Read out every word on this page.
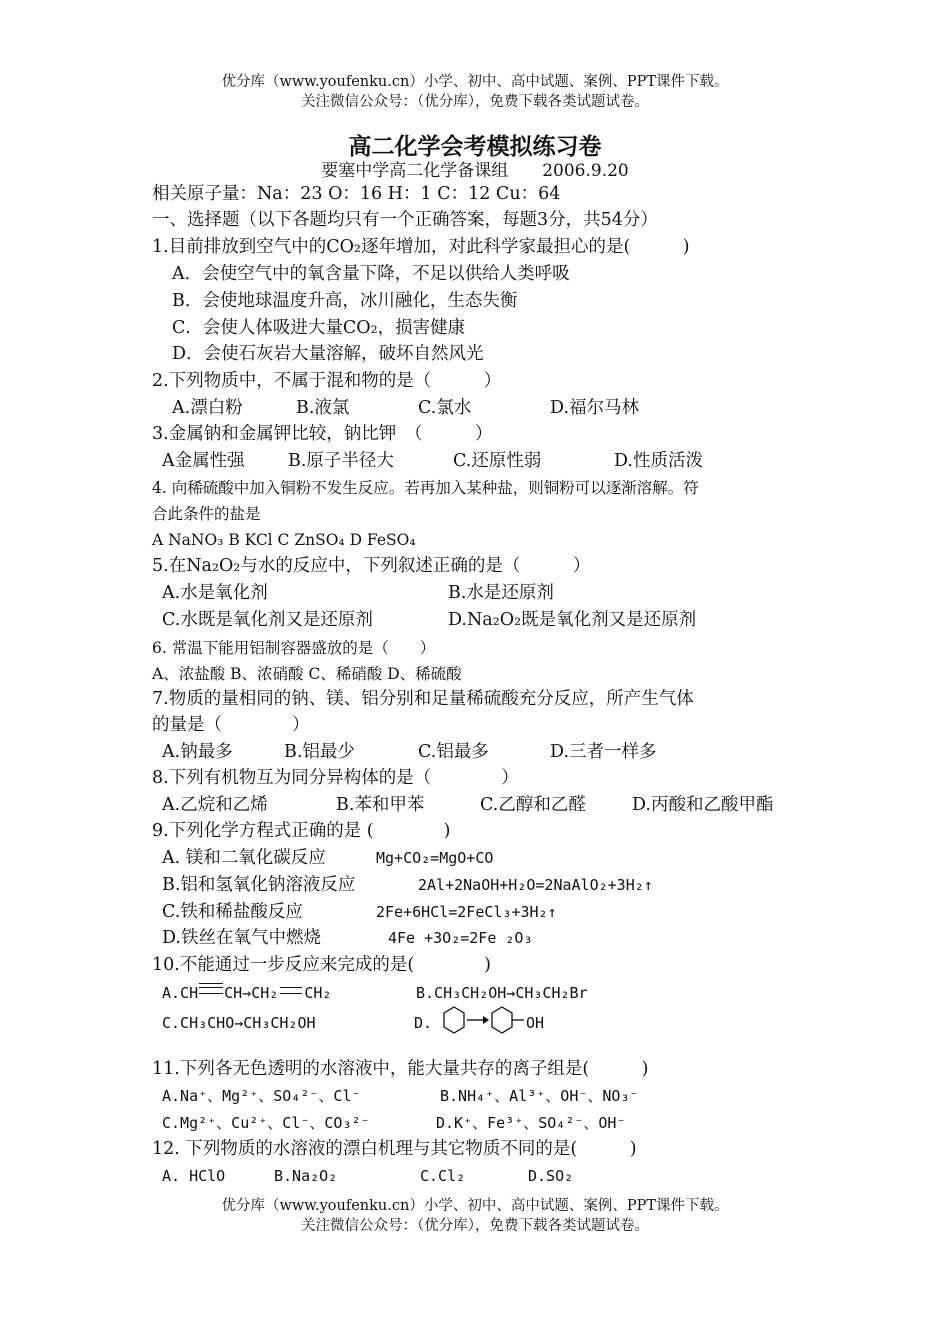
优分库（www.youfenku.cn）小学、初中、高中试题、案例、PPT课件下载。
关注微信公众号：（优分库），免费下载各类试题试卷。
高二化学会考模拟练习卷
要塞中学高二化学备课组　　2006.9.20
相关原子量：Na：23 O：16 H：1 C：12 Cu：64
一、选择题（以下各题均只有一个正确答案，每题3分，共54分）
1.目前排放到空气中的CO₂逐年增加，对此科学家最担心的是(　　　)
A．会使空气中的氧含量下降，不足以供给人类呼吸
B．会使地球温度升高，冰川融化，生态失衡
C．会使人体吸进大量CO₂，损害健康
D．会使石灰岩大量溶解，破坏自然风光
2.下列物质中，不属于混和物的是（　　　）
A.漂白粉	B.液氯	C.氯水	D.福尔马林
3.金属钠和金属钾比较，钠比钾　（　　　）
A金属性强 B.原子半径大	C.还原性弱	D.性质活泼
4. 向稀硫酸中加入铜粉不发生反应。若再加入某种盐，则铜粉可以逐渐溶解。符
合此条件的盐是
A NaNO₃ B KCl C ZnSO₄ D FeSO₄
5.在Na₂O₂与水的反应中，下列叙述正确的是（　　　）
A.水是氧化剂	B.水是还原剂
C.水既是氧化剂又是还原剂	D.Na₂O₂既是氧化剂又是还原剂
6. 常温下能用铝制容器盛放的是（　　）
A、浓盐酸 B、浓硝酸 C、稀硝酸 D、稀硫酸
7.物质的量相同的钠、镁、铝分别和足量稀硫酸充分反应，所产生气体
的量是（　　　　）
A.钠最多	B.铝最少	C.铝最多	D.三者一样多
8.下列有机物互为同分异构体的是（　　　　）
A.乙烷和乙烯	B.苯和甲苯	C.乙醇和乙醛	D.丙酸和乙酸甲酯
9.下列化学方程式正确的是 (　　　　)
A. 镁和二氧化碳反应	Mg+CO₂=MgO+CO
B.铝和氢氧化钠溶液反应	2Al+2NaOH+H₂O=2NaAlO₂+3H₂↑
C.铁和稀盐酸反应	2Fe+6HCl=2FeCl₃+3H₂↑
D.铁丝在氧气中燃烧	4Fe +3O₂=2Fe ₂O₃
10.不能通过一步反应来完成的是(　　　　)
A.CH CH→CH₂ CH₂	B.CH₃CH₂OH→CH₃CH₂Br
C.CH₃CHO→CH₃CH₂OH	D.	OH
11.下列各无色透明的水溶液中，能大量共存的离子组是(　　　)
A.Na⁺、Mg²⁺、SO₄²⁻、Cl⁻	B.NH₄⁺、Al³⁺、OH⁻、NO₃⁻
C.Mg²⁺、Cu²⁺、Cl⁻、CO₃²⁻	D.K⁺、Fe³⁺、SO₄²⁻、OH⁻
12. 下列物质的水溶液的漂白机理与其它物质不同的是(　　　)
A. HClO	B.Na₂O₂	C.Cl₂	D.SO₂
优分库（www.youfenku.cn）小学、初中、高中试题、案例、PPT课件下载。
关注微信公众号：（优分库），免费下载各类试题试卷。
